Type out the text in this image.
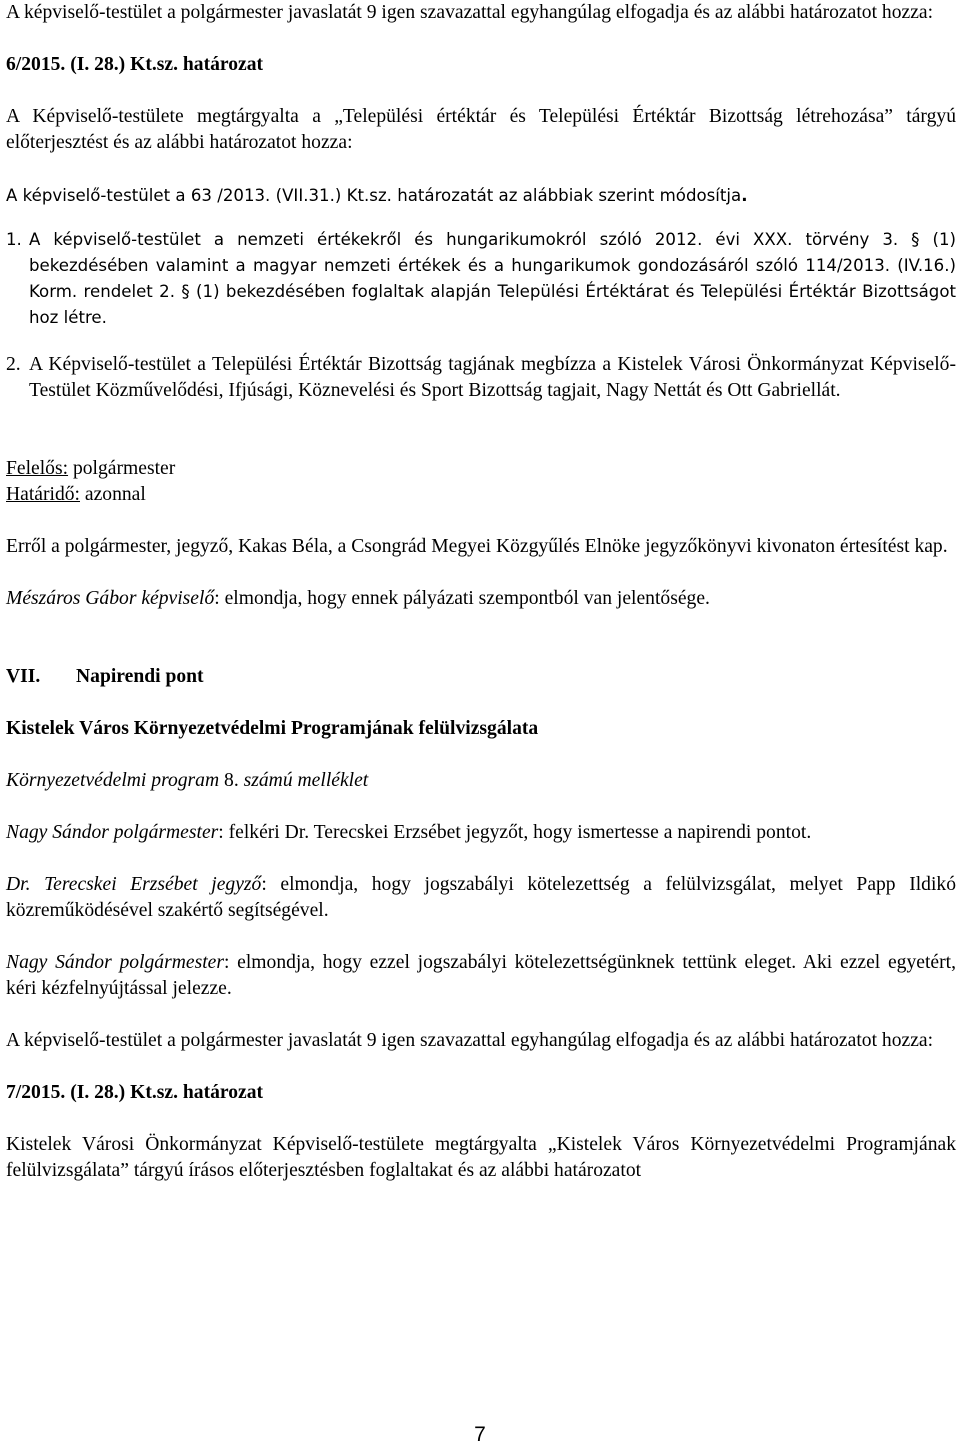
A képviselő-testület a polgármester javaslatát 9 igen szavazattal egyhangúlag elfogadja és az alábbi határozatot hozza:

6/2015. (I. 28.) Kt.sz. határozat

A Képviselő-testülete megtárgyalta a „Települési értéktár és Települési Értéktár Bizottság létrehozása” tárgyú előterjesztést és az alábbi határozatot hozza:

A képviselő-testület a 63 /2013. (VII.31.) Kt.sz. határozatát az alábbiak szerint módosítja.

1. A képviselő-testület a nemzeti értékekről és hungarikumokról szóló 2012. évi XXX. törvény 3. § (1) bekezdésében valamint a magyar nemzeti értékek és a hungarikumok gondozásáról szóló 114/2013. (IV.16.) Korm. rendelet 2. § (1) bekezdésében foglaltak alapján Települési Értéktárat és Települési Értéktár Bizottságot hoz létre.
2. A Képviselő-testület a Települési Értéktár Bizottság tagjának megbízza a Kistelek Városi Önkormányzat Képviselő-Testület Közművelődési, Ifjúsági, Köznevelési és Sport Bizottság tagjait, Nagy Nettát és Ott Gabriellát.

Felelős: polgármester

Határidő: azonnal

Erről a polgármester, jegyző, Kakas Béla, a Csongrád Megyei Közgyűlés Elnöke jegyzőkönyvi kivonaton értesítést kap.

Mészáros Gábor képviselő: elmondja, hogy ennek pályázati szempontból van jelentősége.

VII. Napirendi pont

Kistelek Város Környezetvédelmi Programjának felülvizsgálata

Környezetvédelmi program 8. számú melléklet

Nagy Sándor polgármester: felkéri Dr. Terecskei Erzsébet jegyzőt, hogy ismertesse a napirendi pontot.

Dr. Terecskei Erzsébet jegyző: elmondja, hogy jogszabályi kötelezettség a felülvizsgálat, melyet Papp Ildikó közreműködésével szakértő segítségével.

Nagy Sándor polgármester: elmondja, hogy ezzel jogszabályi kötelezettségünknek tettünk eleget. Aki ezzel egyetért, kéri kézfelnyújtással jelezze.

A képviselő-testület a polgármester javaslatát 9 igen szavazattal egyhangúlag elfogadja és az alábbi határozatot hozza:

7/2015. (I. 28.) Kt.sz. határozat

Kistelek Városi Önkormányzat Képviselő-testülete megtárgyalta „Kistelek Város Környezetvédelmi Programjának felülvizsgálata” tárgyú írásos előterjesztésben foglaltakat és az alábbi határozatot

7
